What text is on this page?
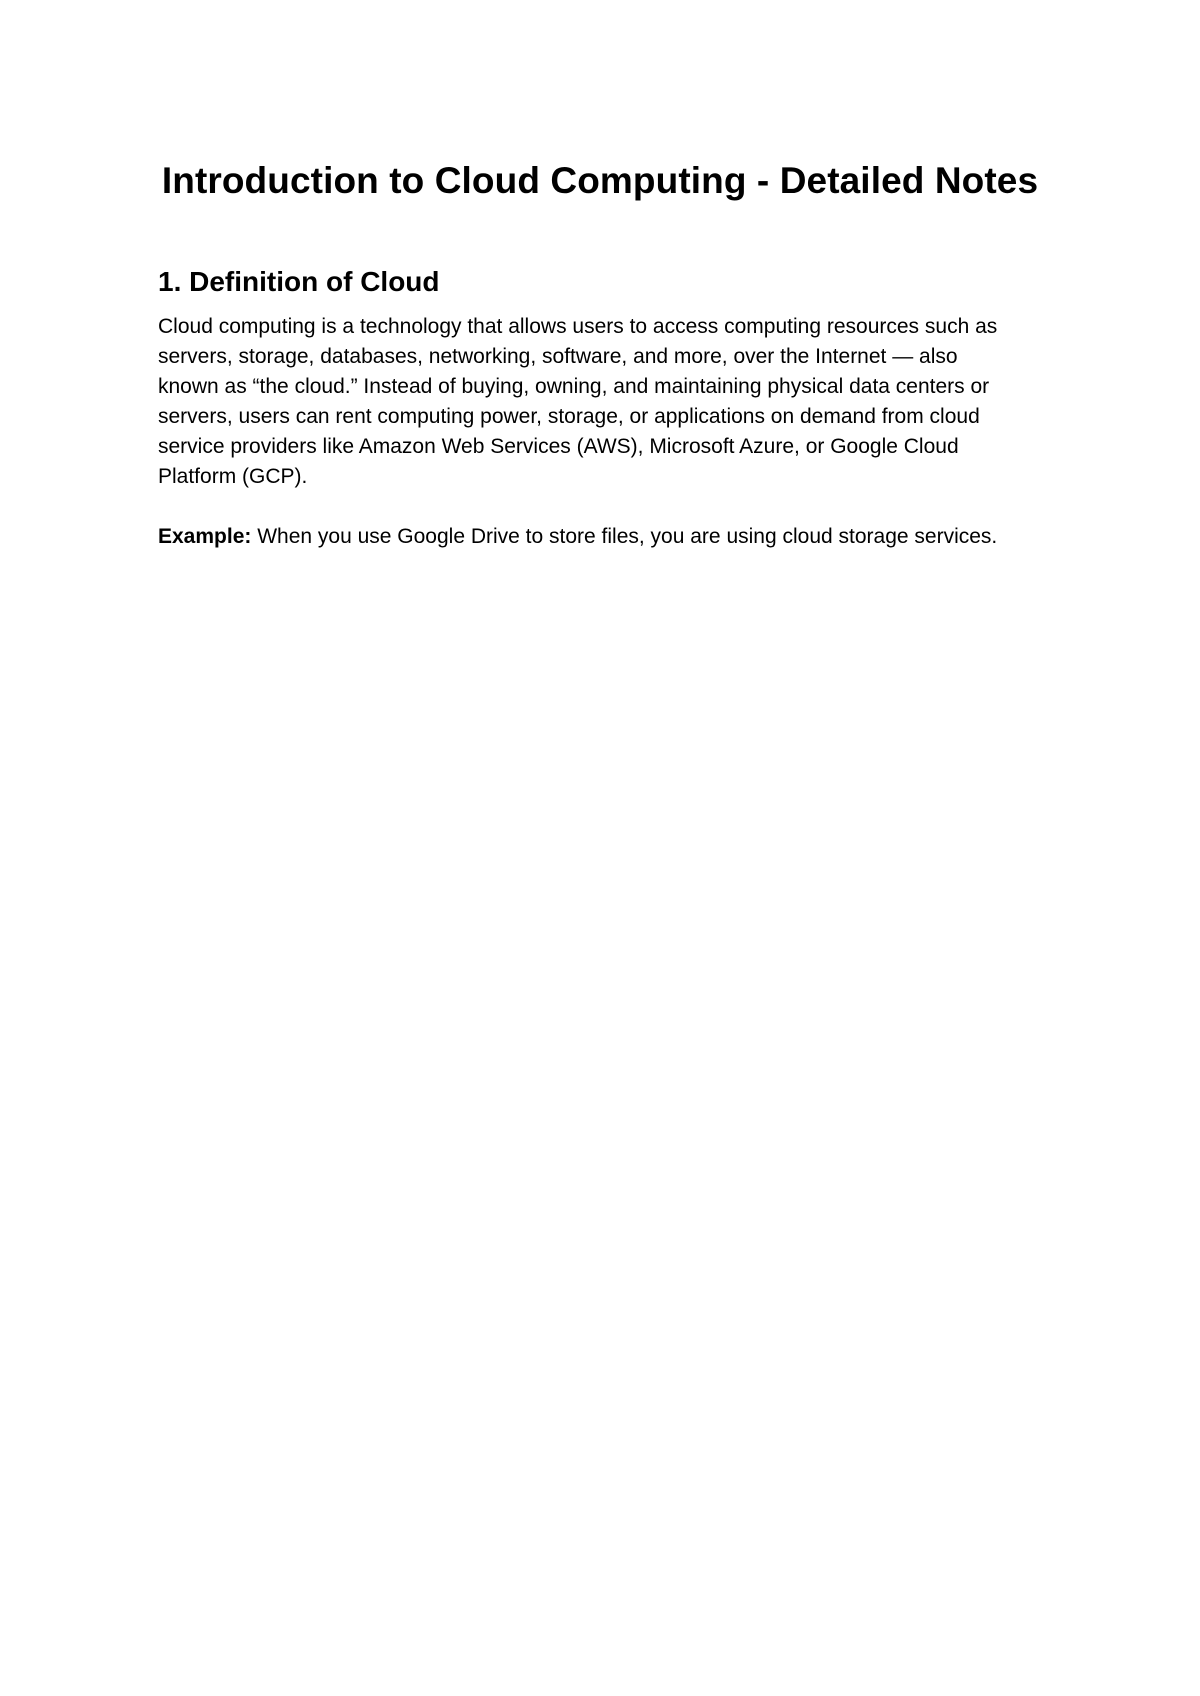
Introduction to Cloud Computing - Detailed Notes
1. Definition of Cloud

Cloud computing is a technology that allows users to access computing resources such as
servers, storage, databases, networking, software, and more, over the Internet — also
known as “the cloud.” Instead of buying, owning, and maintaining physical data centers or
servers, users can rent computing power, storage, or applications on demand from cloud
service providers like Amazon Web Services (AWS), Microsoft Azure, or Google Cloud
Platform (GCP).

Example: When you use Google Drive to store files, you are using cloud storage services.
